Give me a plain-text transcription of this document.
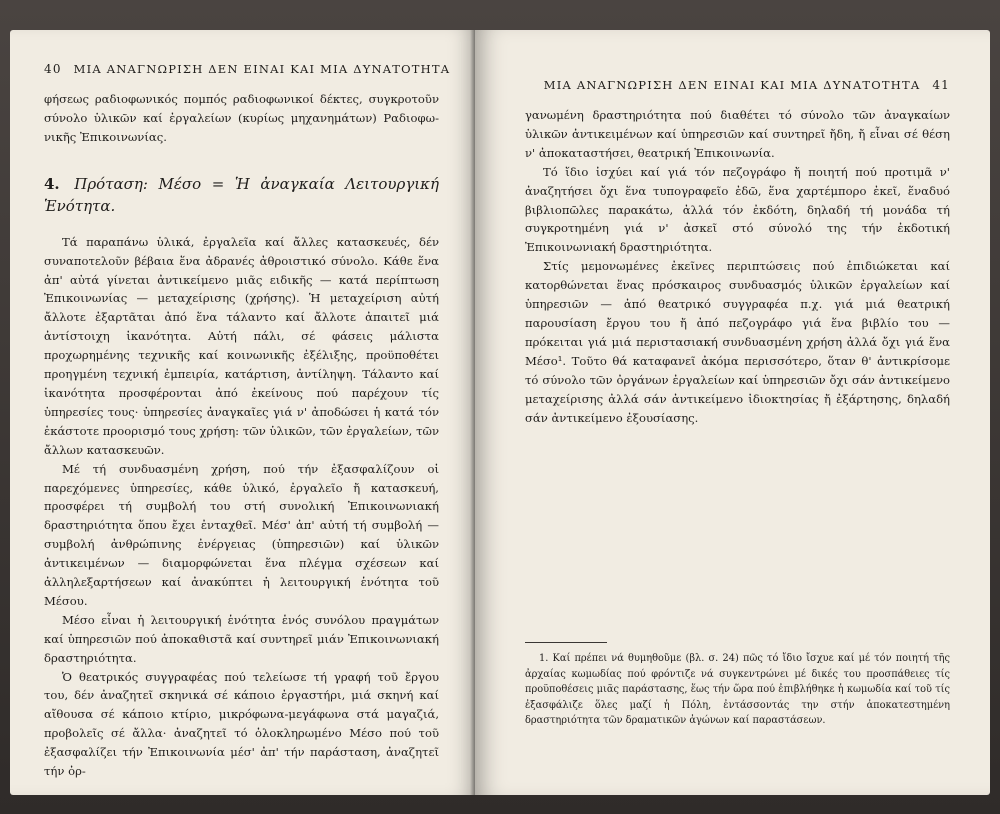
40 ΜΙΑ ΑΝΑΓΝΩΡΙΣΗ ΔΕΝ ΕΙΝΑΙ ΚΑΙ ΜΙΑ ΔΥΝΑΤΟΤΗΤΑ

φήσεως ραδιοφωνικός πομπός ραδιοφωνικοί δέκτες, συγκροτοῦν σύνολο ὑλικῶν καί ἐργαλείων (κυρίως μηχανημάτων) Ραδιοφω-νικῆς Ἐπικοινωνίας.

4. Πρόταση: Μέσο = Ἡ ἀναγκαία Λειτουργική Ἑνότητα.

Τά παραπάνω ὑλικά, ἐργαλεῖα καί ἄλλες κατασκευές, δέν συναποτελοῦν βέβαια ἕνα ἀδρανές ἀθροιστικό σύνολο. Κάθε ἕνα ἀπ' αὐτά γίνεται ἀντικείμενο μιᾶς ειδικῆς — κατά περίπτωση Ἐπικοινωνίας — μεταχείρισης (χρήσης). Ἡ μεταχείριση αὐτή ἄλλοτε ἐξαρτᾶται ἀπό ἕνα τάλαντο καί ἄλλοτε ἀπαιτεῖ μιά ἀντίστοιχη ἱκανότητα. Αὐτή πάλι, σέ φάσεις μάλιστα προχωρημένης τεχνικῆς καί κοινωνικῆς ἐξέλιξης, προϋποθέτει προηγμένη τεχνική ἐμπειρία, κατάρτιση, ἀντίληψη. Τάλαντο καί ἱκανότητα προσφέρονται ἀπό ἐκείνους πού παρέχουν τίς ὑπηρεσίες τους· ὑπηρεσίες ἀναγκαῖες γιά ν' ἀποδώσει ἡ κατά τόν ἑκάστοτε προορισμό τους χρήση: τῶν ὑλικῶν, τῶν ἐργαλείων, τῶν ἄλλων κατασκευῶν.

Μέ τή συνδυασμένη χρήση, πού τήν ἐξασφαλίζουν οἱ παρεχόμενες ὑπηρεσίες, κάθε ὑλικό, ἐργαλεῖο ἤ κατασκευή, προσφέρει τή συμβολή του στή συνολική Ἐπικοινωνιακή δραστηριότητα ὅπου ἔχει ἐνταχθεῖ. Μέσ' ἀπ' αὐτή τή συμβολή — συμβολή ἀνθρώπινης ἐνέργειας (ὑπηρεσιῶν) καί ὑλικῶν ἀντικειμένων — διαμορφώνεται ἕνα πλέγμα σχέσεων καί ἀλληλεξαρτήσεων καί ἀνακύπτει ἡ λειτουργική ἑνότητα τοῦ Μέσου.

Μέσο εἶναι ἡ λειτουργική ἑνότητα ἑνός συνόλου πραγμάτων καί ὑπηρεσιῶν πού ἀποκαθιστᾶ καί συντηρεῖ μιάν Ἐπικοινωνιακή δραστηριότητα.

Ὁ θεατρικός συγγραφέας πού τελείωσε τή γραφή τοῦ ἔργου του, δέν ἀναζητεῖ σκηνικά σέ κάποιο ἐργαστήρι, μιά σκηνή καί αἴθουσα σέ κάποιο κτίριο, μικρόφωνα-μεγάφωνα στά μαγαζιά, προβολεῖς σέ ἄλλα· ἀναζητεῖ τό ὁλοκληρωμένο Μέσο πού τοῦ ἐξασφαλίζει τήν Ἐπικοινωνία μέσ' ἀπ' τήν παράσταση, ἀναζητεῖ τήν ὀρ-

ΜΙΑ ΑΝΑΓΝΩΡΙΣΗ ΔΕΝ ΕΙΝΑΙ ΚΑΙ ΜΙΑ ΔΥΝΑΤΟΤΗΤΑ 41

γανωμένη δραστηριότητα πού διαθέτει τό σύνολο τῶν ἀναγκαίων ὑλικῶν ἀντικειμένων καί ὑπηρεσιῶν καί συντηρεῖ ἤδη, ἤ εἶναι σέ θέση ν' ἀποκαταστήσει, θεατρική Ἐπικοινωνία.

Τό ἴδιο ἰσχύει καί γιά τόν πεζογράφο ἤ ποιητή πού προτιμᾶ ν' ἀναζητήσει ὄχι ἕνα τυπογραφεῖο ἐδῶ, ἕνα χαρτέμπορο ἐκεῖ, ἕναδυό βιβλιοπῶλες παρακάτω, ἀλλά τόν ἐκδότη, δηλαδή τή μονάδα τή συγκροτημένη γιά ν' ἀσκεῖ στό σύνολό της τήν ἐκδοτική Ἐπικοινωνιακή δραστηριότητα.

Στίς μεμονωμένες ἐκεῖνες περιπτώσεις πού ἐπιδιώκεται καί κατορθώνεται ἕνας πρόσκαιρος συνδυασμός ὑλικῶν ἐργαλείων καί ὑπηρεσιῶν — ἀπό θεατρικό συγγραφέα π.χ. γιά μιά θεατρική παρουσίαση ἔργου του ἤ ἀπό πεζογράφο γιά ἕνα βιβλίο του — πρόκειται γιά μιά περιστασιακή συνδυασμένη χρήση ἀλλά ὄχι γιά ἕνα Μέσο¹. Τοῦτο θά καταφανεῖ ἀκόμα περισσότερο, ὅταν θ' ἀντικρίσομε τό σύνολο τῶν ὀργάνων ἐργαλείων καί ὑπηρεσιῶν ὄχι σάν ἀντικείμενο μεταχείρισης ἀλλά σάν ἀντικείμενο ἰδιοκτησίας ἤ ἐξάρτησης, δηλαδή σάν ἀντικείμενο ἐξουσίασης.

1. Καί πρέπει νά θυμηθοῦμε (βλ. σ. 24) πῶς τό ἴδιο ἴσχυε καί μέ τόν ποιητή τῆς ἀρχαίας κωμωδίας πού φρόντιζε νά συγκεντρώνει μέ δικές του προσπάθειες τίς προϋποθέσεις μιᾶς παράστασης, ἕως τήν ὥρα πού ἐπιβλήθηκε ἡ κωμωδία καί τοῦ τίς ἐξασφάλιζε ὅλες μαζί ἡ Πόλη, ἐντάσσοντάς την στήν ἀποκατεστημένη δραστηριότητα τῶν δραματικῶν ἀγώνων καί παραστάσεων.
